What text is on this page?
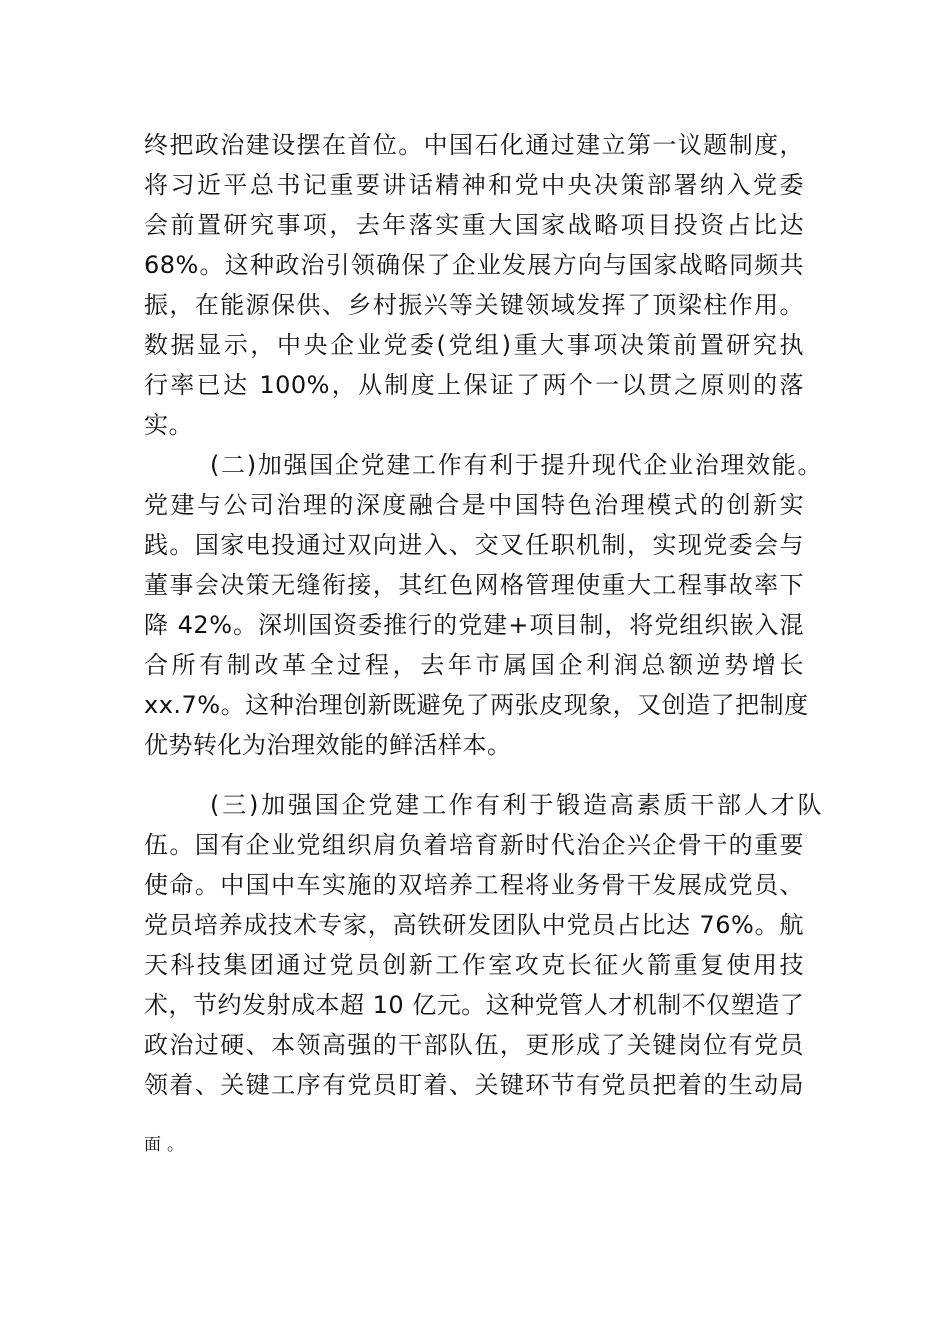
终把政治建设摆在首位。中国石化通过建立第一议题制度，
将习近平总书记重要讲话精神和党中央决策部署纳入党委
会前置研究事项，去年落实重大国家战略项目投资占比达
68%。这种政治引领确保了企业发展方向与国家战略同频共
振，在能源保供、乡村振兴等关键领域发挥了顶梁柱作用。
数据显示，中央企业党委(党组)重大事项决策前置研究执
行率已达 100%，从制度上保证了两个一以贯之原则的落
实。
(二)加强国企党建工作有利于提升现代企业治理效能。
党建与公司治理的深度融合是中国特色治理模式的创新实
践。国家电投通过双向进入、交叉任职机制，实现党委会与
董事会决策无缝衔接，其红色网格管理使重大工程事故率下
降 42%。深圳国资委推行的党建+项目制，将党组织嵌入混
合所有制改革全过程，去年市属国企利润总额逆势增长
xx.7%。这种治理创新既避免了两张皮现象，又创造了把制度
优势转化为治理效能的鲜活样本。
(三)加强国企党建工作有利于锻造高素质干部人才队
伍。国有企业党组织肩负着培育新时代治企兴企骨干的重要
使命。中国中车实施的双培养工程将业务骨干发展成党员、
党员培养成技术专家，高铁研发团队中党员占比达 76%。航
天科技集团通过党员创新工作室攻克长征火箭重复使用技
术，节约发射成本超 10 亿元。这种党管人才机制不仅塑造了
政治过硬、本领高强的干部队伍，更形成了关键岗位有党员
领着、关键工序有党员盯着、关键环节有党员把着的生动局
面。
